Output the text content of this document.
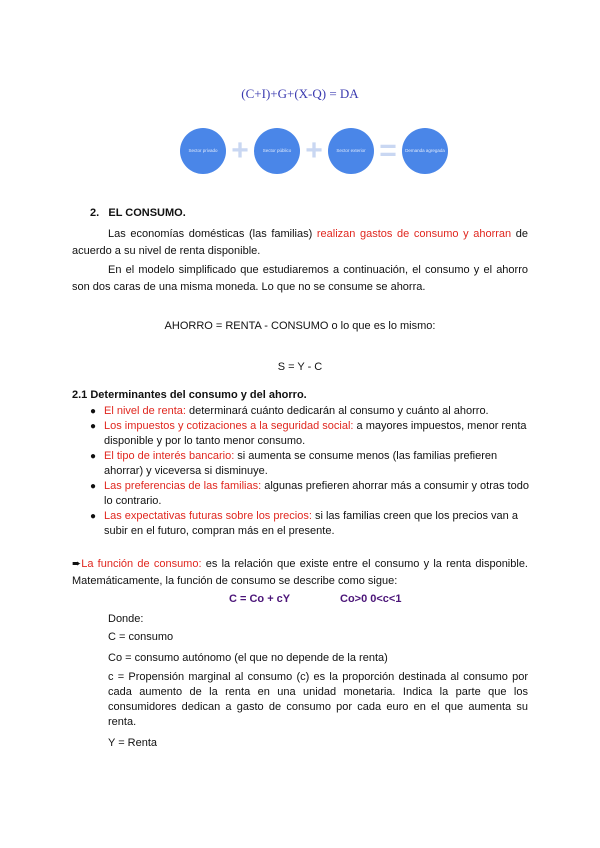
(C+I)+G+(X-Q) = DA
Sector privado +	Sector público +	Sector exterior =	Demanda agregada
2. EL CONSUMO.
Las economías domésticas (las familias) realizan gastos de consumo y ahorran de acuerdo a su nivel de renta disponible.
En el modelo simplificado que estudiaremos a continuación, el consumo y el ahorro son dos caras de una misma moneda. Lo que no se consume se ahorra.
AHORRO = RENTA - CONSUMO o lo que es lo mismo:
S = Y - C
2.1 Determinantes del consumo y del ahorro.
● El nivel de renta: determinará cuánto dedicarán al consumo y cuánto al ahorro.
● Los impuestos y cotizaciones a la seguridad social: a mayores impuestos, menor renta disponible y por lo tanto menor consumo.
● El tipo de interés bancario: si aumenta se consume menos (las familias prefieren ahorrar) y viceversa si disminuye.
● Las preferencias de las familias: algunas prefieren ahorrar más a consumir y otras todo lo contrario.
● Las expectativas futuras sobre los precios: si las familias creen que los precios van a subir en el futuro, compran más en el presente.
➨La función de consumo: es la relación que existe entre el consumo y la renta disponible. Matemáticamente, la función de consumo se describe como sigue:
C = Co + cY	Co>0 0<c<1
Donde:
C = consumo
Co = consumo autónomo (el que no depende de la renta)
c = Propensión marginal al consumo (c) es la proporción destinada al consumo por cada aumento de la renta en una unidad monetaria. Indica la parte que los consumidores dedican a gasto de consumo por cada euro en el que aumenta su renta.
Y = Renta
